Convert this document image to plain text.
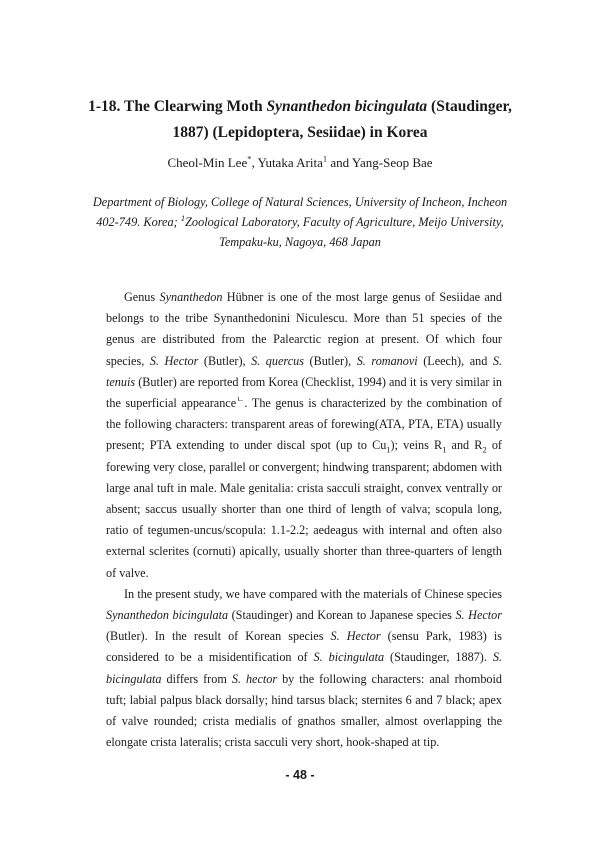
1-18. The Clearwing Moth Synanthedon bicingulata (Staudinger,
1887) (Lepidoptera, Sesiidae) in Korea
Cheol-Min Lee*, Yutaka Arita$^1$ and Yang-Seop Bae
Department of Biology, College of Natural Sciences, University of Incheon, Incheon
402-749. Korea; $^1$Zoological Laboratory, Faculty of Agriculture, Meijo University,
Tempaku-ku, Nagoya, 468 Japan

Genus Synanthedon Hübner is one of the most large genus of Sesiidae and belongs to the tribe Synanthedonini Niculescu. More than 51 species of the genus are distributed from the Palearctic region at present. Of which four species, S. Hector (Butler), S. quercus (Butler), S. romanovi (Leech), and S. tenuis (Butler) are reported from Korea (Checklist, 1994) and it is very similar in the superficial appearance$^ㄴ$. The genus is characterized by the combination of the following characters: transparent areas of forewing(ATA, PTA, ETA) usually present; PTA extending to under discal spot (up to $Cu_1$); veins $R_1$ and $R_2$ of forewing very close, parallel or convergent; hindwing transparent; abdomen with large anal tuft in male. Male genitalia: crista sacculi straight, convex ventrally or absent; saccus usually shorter than one third of length of valva; scopula long, ratio of tegumen-uncus/scopula: 1.1-2.2; aedeagus with internal and often also external sclerites (cornuti) apically, usually shorter than three-quarters of length of valve.

In the present study, we have compared with the materials of Chinese species Synanthedon bicingulata (Staudinger) and Korean to Japanese species S. Hector (Butler). In the result of Korean species S. Hector (sensu Park, 1983) is considered to be a misidentification of S. bicingulata (Staudinger, 1887). S. bicingulata differs from S. hector by the following characters: anal rhomboid tuft; labial palpus black dorsally; hind tarsus black; sternites 6 and 7 black; apex of valve rounded; crista medialis of gnathos smaller, almost overlapping the elongate crista lateralis; crista sacculi very short, hook-shaped at tip.

- 48 -
